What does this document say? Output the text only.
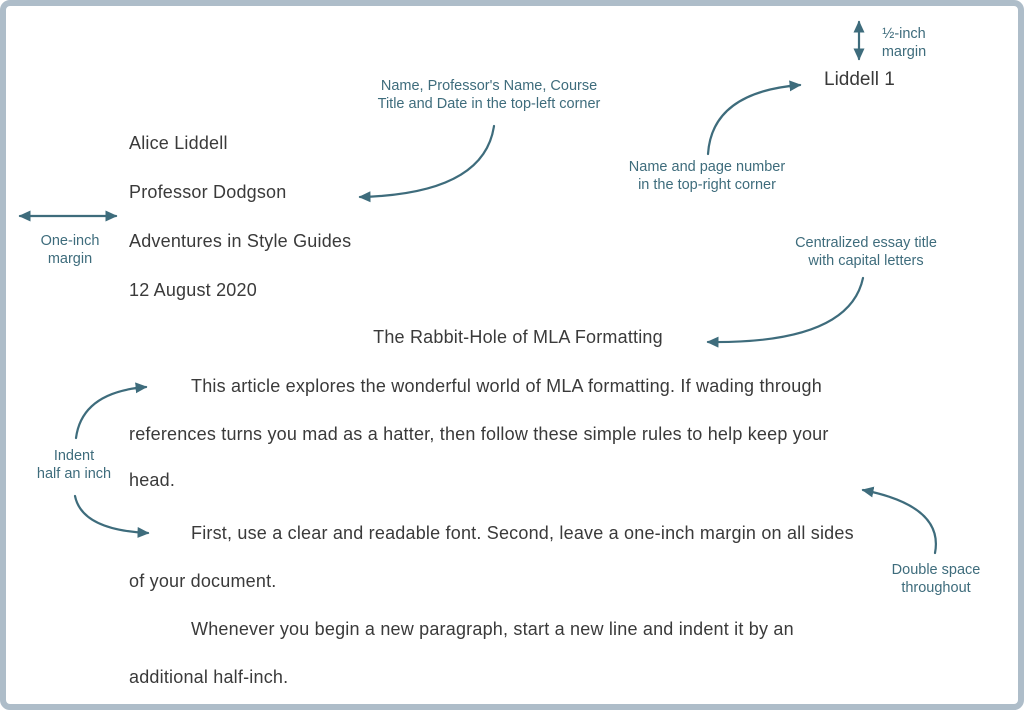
Liddell 1
Alice Liddell
Professor Dodgson
Adventures in Style Guides
12 August 2020
The Rabbit-Hole of MLA Formatting
This article explores the wonderful world of MLA formatting. If wading through
references turns you mad as a hatter, then follow these simple rules to help keep your
head.
First, use a clear and readable font. Second, leave a one-inch margin on all sides
of your document.
Whenever you begin a new paragraph, start a new line and indent it by an
additional half-inch.
½-inch
margin
Name, Professor's Name, Course
Title and Date in the top-left corner
Name and page number
in the top-right corner
One-inch
margin
Centralized essay title
with capital letters
Indent
half an inch
Double space
throughout
